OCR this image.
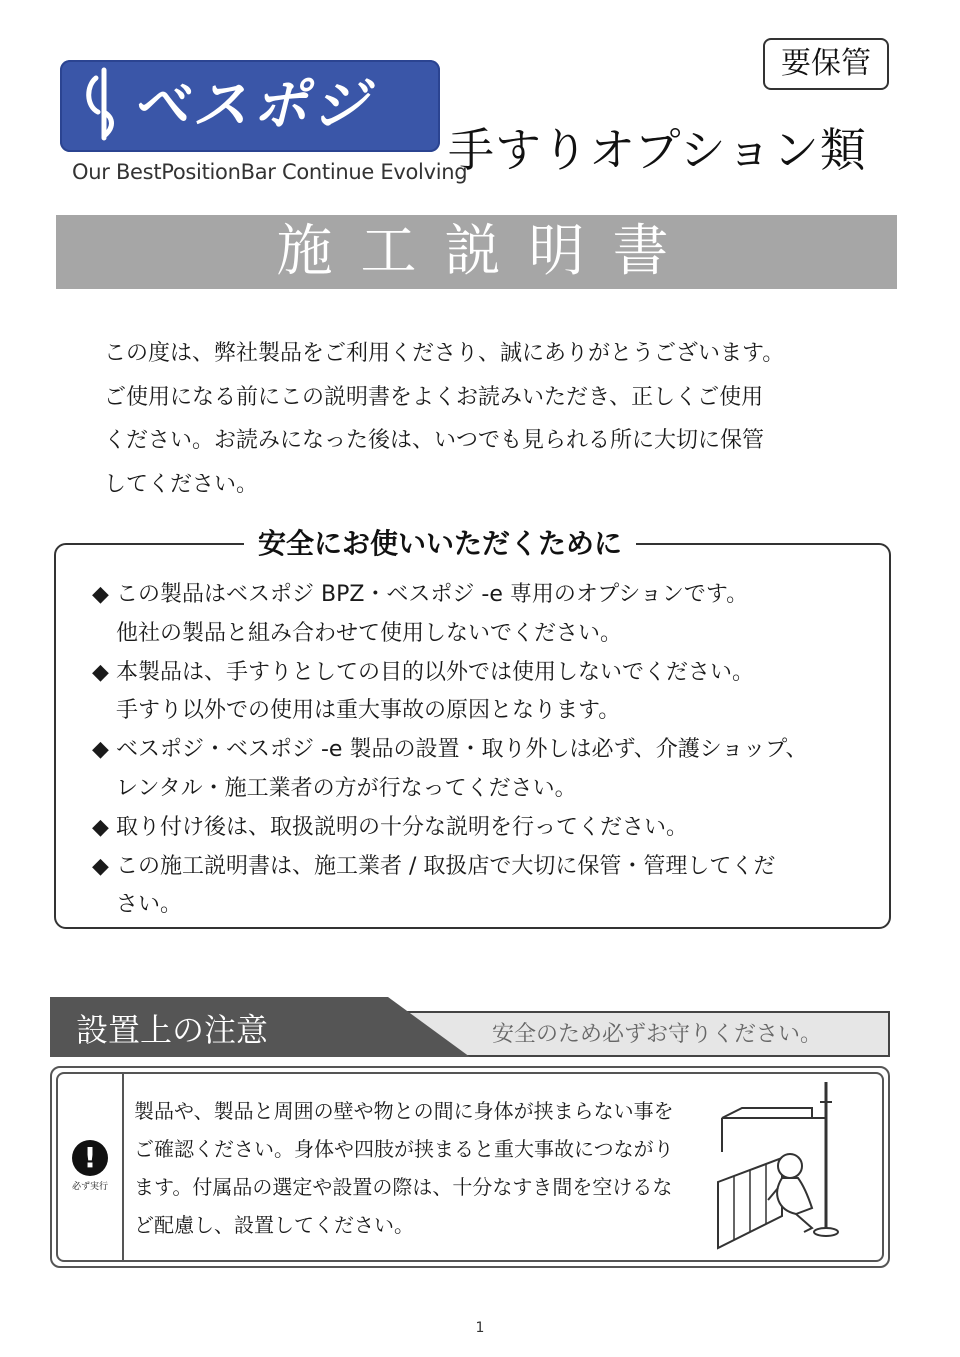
ベスポジ
Our BestPositionBar Continue Evolving
要保管
手すりオプション類
施工説明書
この度は、弊社製品をご利用くださり、誠にありがとうございます。
ご使用になる前にこの説明書をよくお読みいただき、正しくご使用
ください。お読みになった後は、いつでも見られる所に大切に保管
してください。
安全にお使いいただくために
◆ この製品はベスポジ BPZ・ベスポジ -e 専用のオプションです。
他社の製品と組み合わせて使用しないでください。
◆ 本製品は、手すりとしての目的以外では使用しないでください。
手すり以外での使用は重大事故の原因となります。
◆ ベスポジ・ベスポジ -e 製品の設置・取り外しは必ず、介護ショップ、
レンタル・施工業者の方が行なってください。
◆ 取り付け後は、取扱説明の十分な説明を行ってください。
◆ この施工説明書は、施工業者 / 取扱店で大切に保管・管理してくだ
さい。
設置上の注意	安全のため必ずお守りください。
!
必ず実行
製品や、製品と周囲の壁や物との間に身体が挟まらない事を
ご確認ください。身体や四肢が挟まると重大事故につながり
ます。付属品の選定や設置の際は、十分なすき間を空けるな
ど配慮し、設置してください。
1
